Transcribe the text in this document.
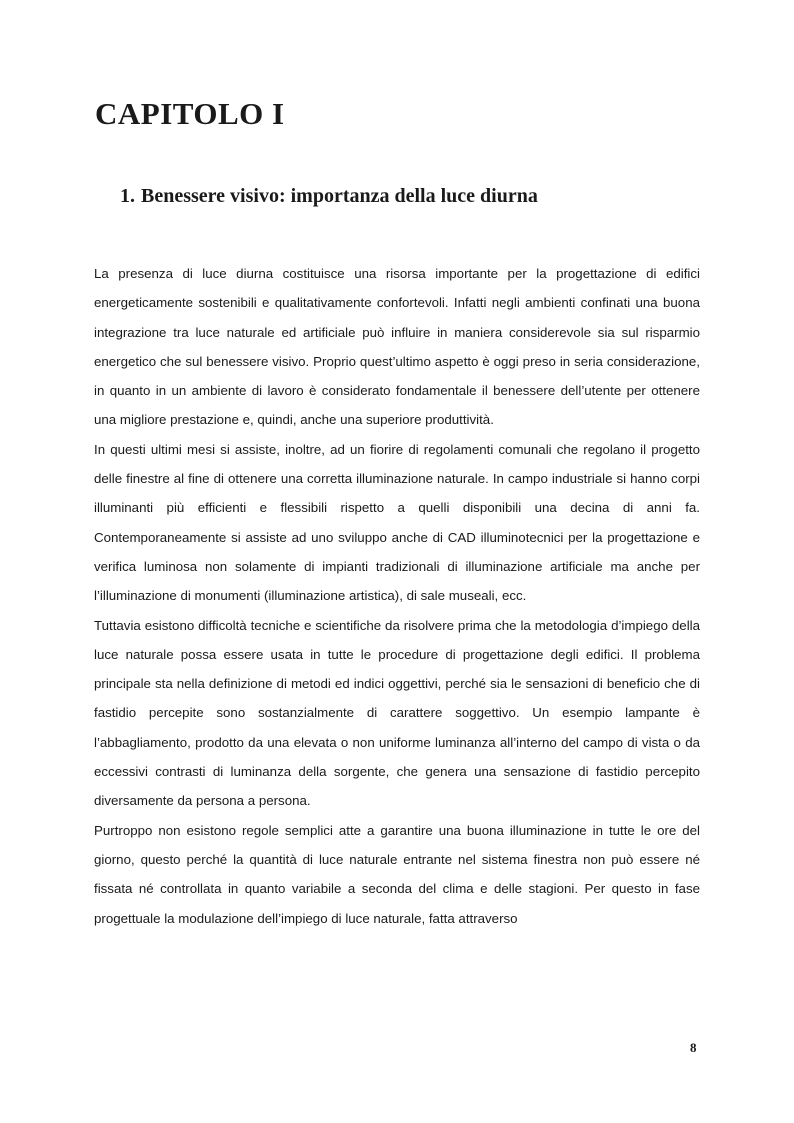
CAPITOLO I
1. Benessere visivo: importanza della luce diurna

La presenza di luce diurna costituisce una risorsa importante per la progettazione di edifici energeticamente sostenibili e qualitativamente confortevoli. Infatti negli ambienti confinati una buona integrazione tra luce naturale ed artificiale può influire in maniera considerevole sia sul risparmio energetico che sul benessere visivo. Proprio quest’ultimo aspetto è oggi preso in seria considerazione, in quanto in un ambiente di lavoro è considerato fondamentale il benessere dell’utente per ottenere una migliore prestazione e, quindi, anche una superiore produttività.

In questi ultimi mesi si assiste, inoltre, ad un fiorire di regolamenti comunali che regolano il progetto delle finestre al fine di ottenere una corretta illuminazione naturale. In campo industriale si hanno corpi illuminanti più efficienti e flessibili rispetto a quelli disponibili una decina di anni fa. Contemporaneamente si assiste ad uno sviluppo anche di CAD illuminotecnici per la progettazione e verifica luminosa non solamente di impianti tradizionali di illuminazione artificiale ma anche per l’illuminazione di monumenti (illuminazione artistica), di sale museali, ecc.

Tuttavia esistono difficoltà tecniche e scientifiche da risolvere prima che la metodologia d’impiego della luce naturale possa essere usata in tutte le procedure di progettazione degli edifici. Il problema principale sta nella definizione di metodi ed indici oggettivi, perché sia le sensazioni di beneficio che di fastidio percepite sono sostanzialmente di carattere soggettivo. Un esempio lampante è l’abbagliamento, prodotto da una elevata o non uniforme luminanza all’interno del campo di vista o da eccessivi contrasti di luminanza della sorgente, che genera una sensazione di fastidio percepito diversamente da persona a persona.

Purtroppo non esistono regole semplici atte a garantire una buona illuminazione in tutte le ore del giorno, questo perché la quantità di luce naturale entrante nel sistema finestra non può essere né fissata né controllata in quanto variabile a seconda del clima e delle stagioni. Per questo in fase progettuale la modulazione dell’impiego di luce naturale, fatta attraverso

8
